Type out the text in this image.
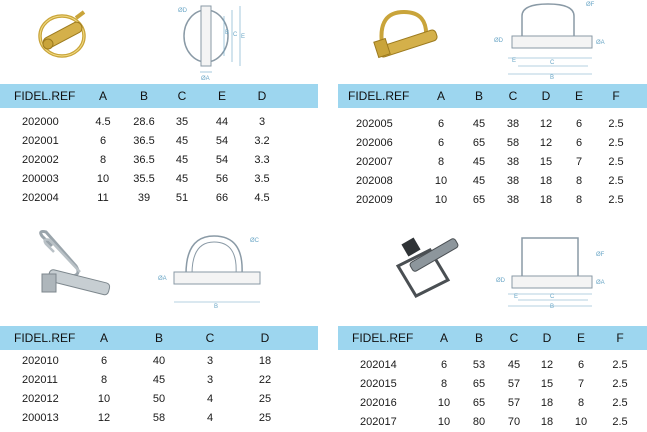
ØD
B C E
ØA
FIDEL.REF	A	B	C	E	D
202000	4.5	28.6	35	44	3
202001	6	36.5	45	54	3.2
202002	8	36.5	45	54	3.3
200003	10	35.5	45	56	3.5
202004	11	39	51	66	4.5
ØF
ØD	ØA
E	C
B
FIDEL.REF	A	B	C	D	E	F
202005	6	45	38	12	6	2.5
202006	6	65	58	12	6	2.5
202007	8	45	38	15	7	2.5
202008	10	45	38	18	8	2.5
202009	10	65	38	18	8	2.5
ØC
ØA
B
FIDEL.REF	A	B	C	D
202010	6	40	3	18
202011	8	45	3	22
202012	10	50	4	25
200013	12	58	4	25
ØF
ØD	ØA
E	C
B
FIDEL.REF	A	B	C	D	E	F
202014	6	53	45	12	6	2.5
202015	8	65	57	15	7	2.5
202016	10	65	57	18	8	2.5
202017	10	80	70	18	10	2.5
